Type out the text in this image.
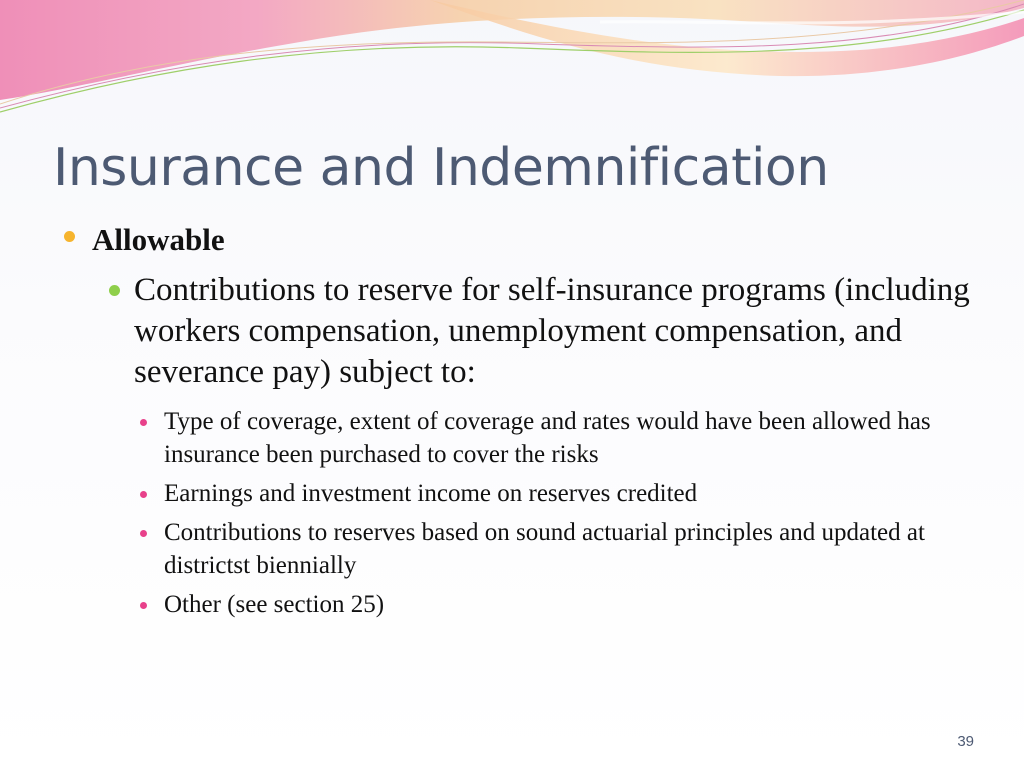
Insurance and Indemnification
Allowable
Contributions to reserve for self-insurance programs (including workers compensation, unemployment compensation, and severance pay) subject to:
Type of coverage, extent of coverage and rates would have been allowed has insurance been purchased to cover the risks
Earnings and investment income on reserves credited
Contributions to reserves based on sound actuarial principles and updated at districtst biennially
Other (see section 25)
39
